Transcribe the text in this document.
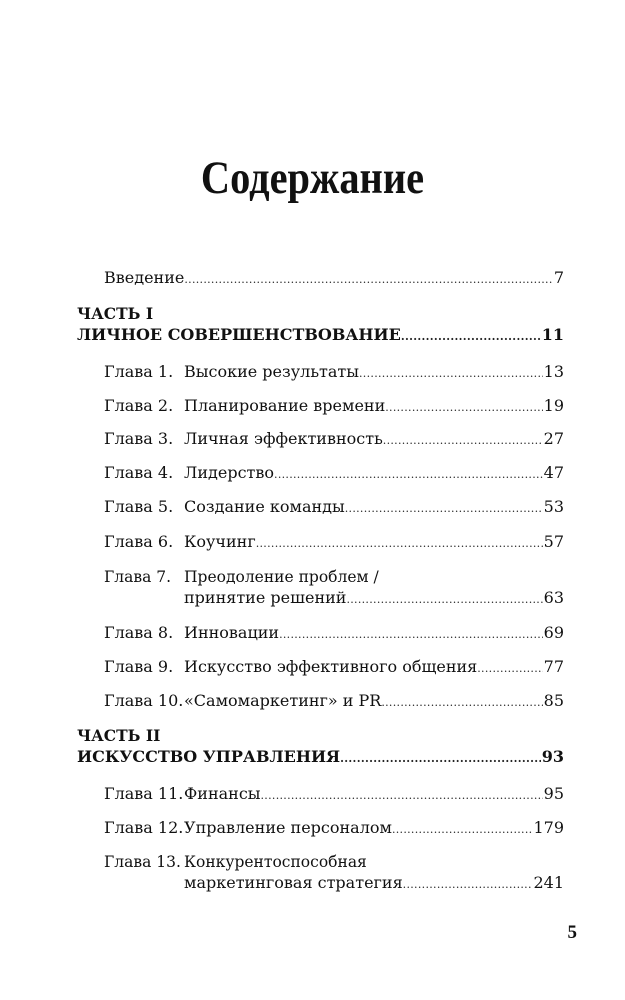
Содержание
Введение .....	7
ЧАСТЬ I
ЛИЧНОЕ СОВЕРШЕНСТВОВАНИЕ .....	11
Глава 1. Высокие результаты .....	13
Глава 2. Планирование времени .....	19
Глава 3. Личная эффективность .....	27
Глава 4. Лидерство .....	47
Глава 5. Создание команды .....	53
Глава 6. Коучинг .....	57
Глава 7. Преодоление проблем /
принятие решений .....	63
Глава 8. Инновации .....	69
Глава 9. Искусство эффективного общения .....	77
Глава 10. «Самомаркетинг» и PR .....	85
ЧАСТЬ II
ИСКУССТВО УПРАВЛЕНИЯ .....	93
Глава 11. Финансы .....	95
Глава 12. Управление персоналом .....	179
Глава 13. Конкурентоспособная
маркетинговая стратегия .....	241
5
